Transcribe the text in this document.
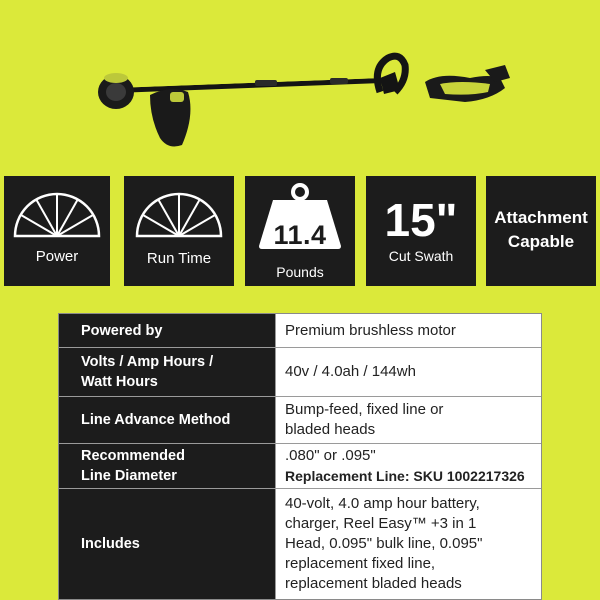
Power	Run Time
11.4
Pounds
15"
Cut Swath
Attachment
Capable
Powered by	Premium brushless motor
Volts / Amp Hours /
Watt Hours
40v / 4.0ah / 144wh
Line Advance Method
Bump-feed, fixed line or
bladed heads
Recommended
Line Diameter
.080" or .095"
Replacement Line: SKU 1002217326
Includes
40-volt, 4.0 amp hour battery,
charger, Reel Easy™ +3 in 1
Head, 0.095" bulk line, 0.095"
replacement fixed line,
replacement bladed heads
